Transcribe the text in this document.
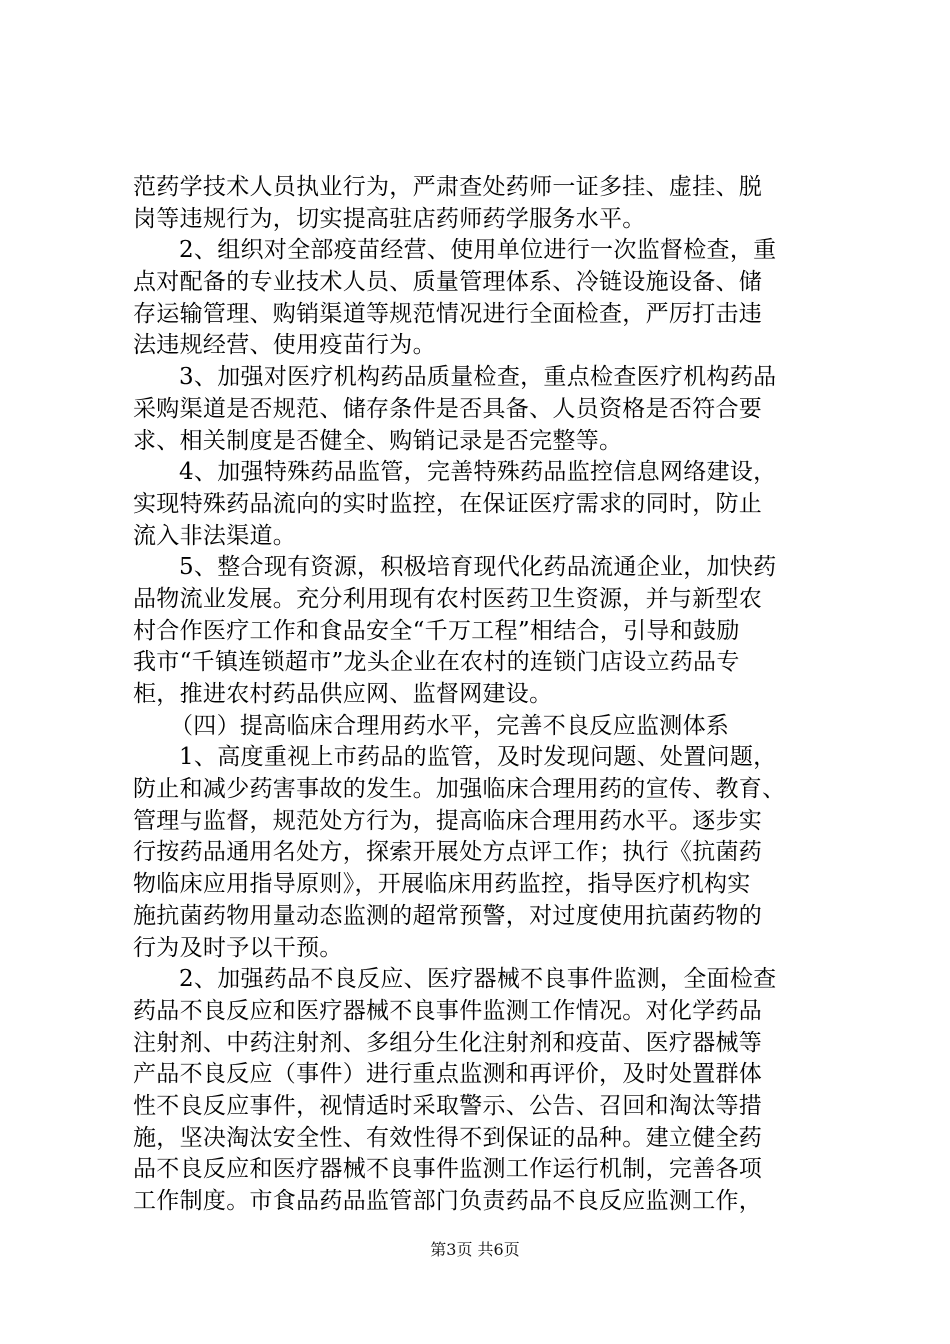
范药学技术人员执业行为，严肃查处药师一证多挂、虚挂、脱
岗等违规行为，切实提高驻店药师药学服务水平。
2、组织对全部疫苗经营、使用单位进行一次监督检查，重
点对配备的专业技术人员、质量管理体系、冷链设施设备、储
存运输管理、购销渠道等规范情况进行全面检查，严厉打击违
法违规经营、使用疫苗行为。
3、加强对医疗机构药品质量检查，重点检查医疗机构药品
采购渠道是否规范、储存条件是否具备、人员资格是否符合要
求、相关制度是否健全、购销记录是否完整等。
4、加强特殊药品监管，完善特殊药品监控信息网络建设，
实现特殊药品流向的实时监控，在保证医疗需求的同时，防止
流入非法渠道。
5、整合现有资源，积极培育现代化药品流通企业，加快药
品物流业发展。充分利用现有农村医药卫生资源，并与新型农
村合作医疗工作和食品安全“千万工程”相结合，引导和鼓励
我市“千镇连锁超市”龙头企业在农村的连锁门店设立药品专
柜，推进农村药品供应网、监督网建设。
（四）提高临床合理用药水平，完善不良反应监测体系
1、高度重视上市药品的监管，及时发现问题、处置问题，
防止和减少药害事故的发生。加强临床合理用药的宣传、教育、
管理与监督，规范处方行为，提高临床合理用药水平。逐步实
行按药品通用名处方，探索开展处方点评工作；执行《抗菌药
物临床应用指导原则》，开展临床用药监控，指导医疗机构实
施抗菌药物用量动态监测的超常预警，对过度使用抗菌药物的
行为及时予以干预。
2、加强药品不良反应、医疗器械不良事件监测，全面检查
药品不良反应和医疗器械不良事件监测工作情况。对化学药品
注射剂、中药注射剂、多组分生化注射剂和疫苗、医疗器械等
产品不良反应（事件）进行重点监测和再评价，及时处置群体
性不良反应事件，视情适时采取警示、公告、召回和淘汰等措
施，坚决淘汰安全性、有效性得不到保证的品种。建立健全药
品不良反应和医疗器械不良事件监测工作运行机制，完善各项
工作制度。市食品药品监管部门负责药品不良反应监测工作，
第3页 共6页
